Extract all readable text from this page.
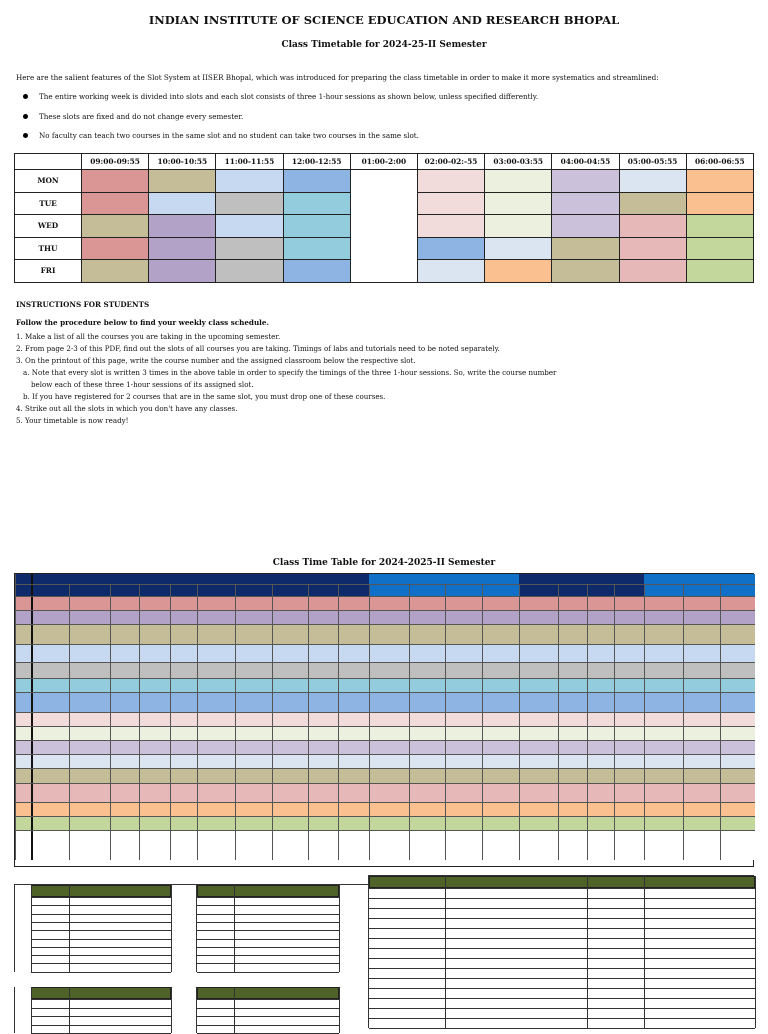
INDIAN INSTITUTE OF SCIENCE EDUCATION AND RESEARCH BHOPAL
Class Timetable for 2024-25-II Semester
Here are the salient features of the Slot System at IISER Bhopal, which was introduced for preparing the class timetable in order to make it more systematics and streamlined:
The entire working week is divided into slots and each slot consists of three 1-hour sessions as shown below, unless specified differently.
These slots are fixed and do not change every semester.
No faculty can teach two courses in the same slot and no student can take two courses in the same slot.
	09:00-09:55	10:00-10:55	11:00-11:55	12:00-12:55	01:00-2:00	02:00-02:-55	03:00-03:55	04:00-04:55	05:00-05:55	06:00-06:55
MON										
TUE										
WED										
THU										
FRI										
INSTRUCTIONS FOR STUDENTS
Follow the procedure below to find your weekly class schedule.
1. Make a list of all the courses you are taking in the upcoming semester.
2. From page 2-3 of this PDF, find out the slots of all courses you are taking. Timings of labs and tutorials need to be noted separately.
3. On the printout of this page, write the course number and the assigned classroom below the respective slot.
a. Note that every slot is written 3 times in the above table in order to specify the timings of the three 1-hour sessions. So, write the course number
below each of these three 1-hour sessions of its assigned slot.
b. If you have registered for 2 courses that are in the same slot, you must drop one of these courses.
4. Strike out all the slots in which you don't have any classes.
5. Your timetable is now ready!
Class Time Table for 2024-2025-II Semester
